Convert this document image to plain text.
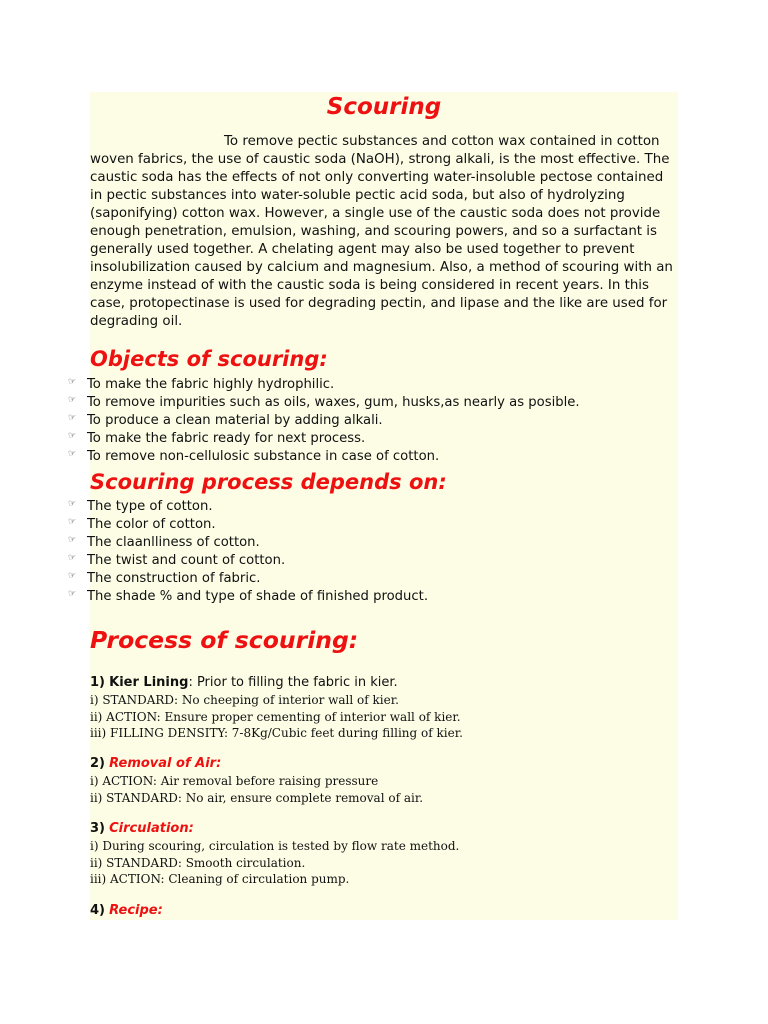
Scouring

To remove pectic substances and cotton wax contained in cotton woven fabrics, the use of caustic soda (NaOH), strong alkali, is the most effective. The caustic soda has the effects of not only converting water-insoluble pectose contained in pectic substances into water-soluble pectic acid soda, but also of hydrolyzing (saponifying) cotton wax. However, a single use of the caustic soda does not provide enough penetration, emulsion, washing, and scouring powers, and so a surfactant is generally used together. A chelating agent may also be used together to prevent insolubilization caused by calcium and magnesium. Also, a method of scouring with an enzyme instead of with the caustic soda is being considered in recent years. In this case, protopectinase is used for degrading pectin, and lipase and the like are used for degrading oil.

Objects of scouring:
☞ To make the fabric highly hydrophilic.
☞ To remove impurities such as oils, waxes, gum, husks,as nearly as posible.
☞ To produce a clean material by adding alkali.
☞ To make the fabric ready for next process.
☞ To remove non-cellulosic substance in case of cotton.
Scouring process depends on:
☞ The type of cotton.
☞ The color of cotton.
☞ The claanlliness of cotton.
☞ The twist and count of cotton.
☞ The construction of fabric.
☞ The shade % and type of shade of finished product.
Process of scouring:

1) Kier Lining: Prior to filling the fabric in kier.

i) STANDARD: No cheeping of interior wall of kier.
ii) ACTION: Ensure proper cementing of interior wall of kier.
iii) FILLING DENSITY: 7-8Kg/Cubic feet during filling of kier.

2) Removal of Air:

i) ACTION: Air removal before raising pressure
ii) STANDARD: No air, ensure complete removal of air.

3) Circulation:

i) During scouring, circulation is tested by flow rate method.
ii) STANDARD: Smooth circulation.
iii) ACTION: Cleaning of circulation pump.

4) Recipe:
